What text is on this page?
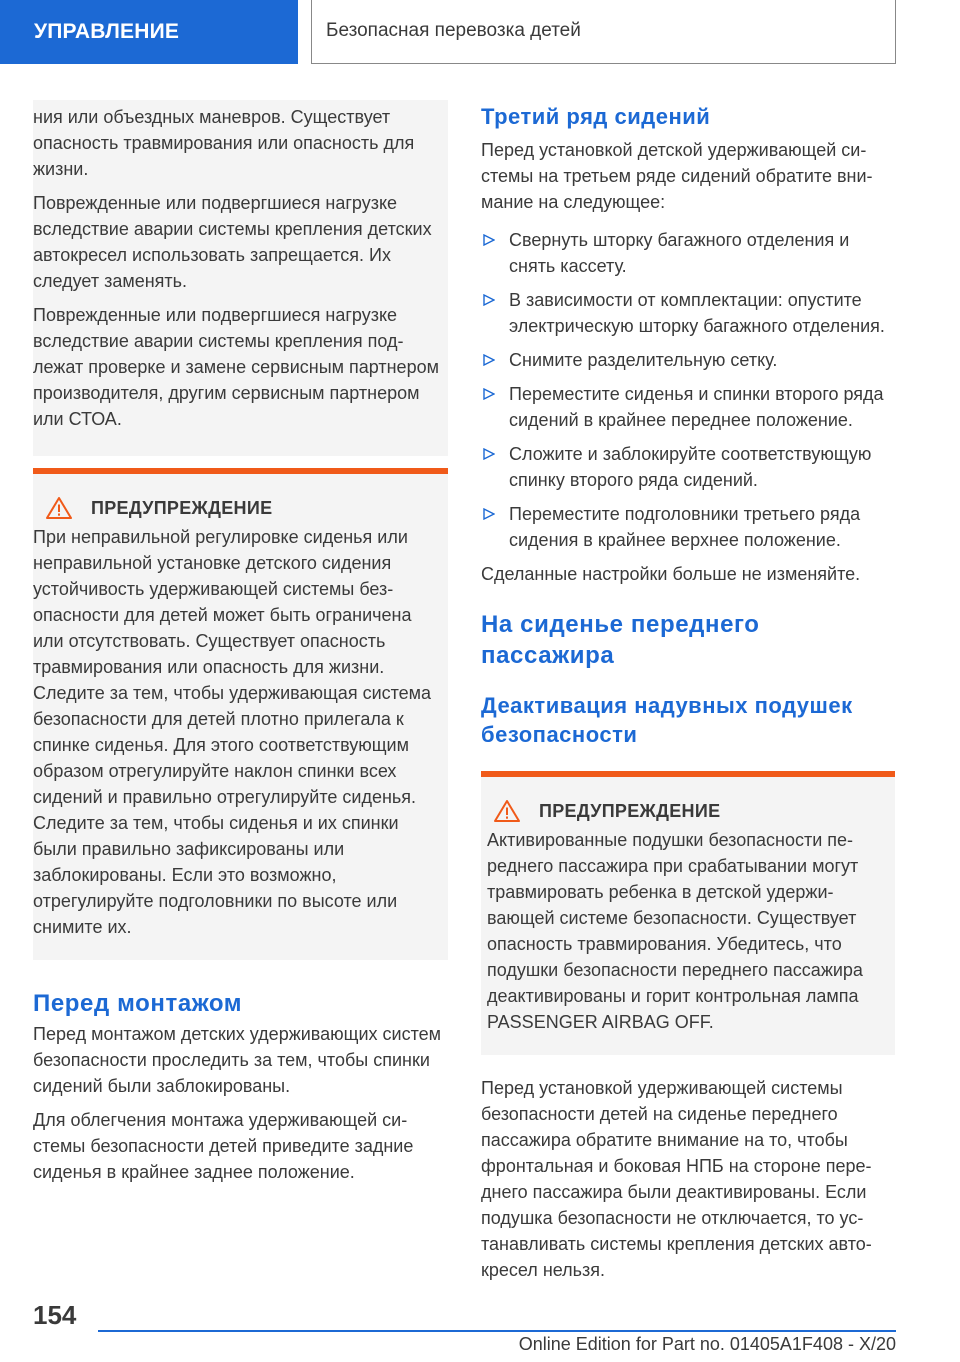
УПРАВЛЕНИЕ	Безопасная перевозка детей

ния или объездных маневров. Существует опасность травмирования или опасность для жизни.

Поврежденные или подвергшиеся нагрузке вследствие аварии системы крепления детских автокресел использовать запрещается. Их следует заменять.

Поврежденные или подвергшиеся нагрузке вследствие аварии системы крепления подлежат проверке и замене сервисным партнером производителя, другим сервисным партнером или СТОА.

ПРЕДУПРЕЖДЕНИЕ

При неправильной регулировке сиденья или неправильной установке детского сидения устойчивость удерживающей системы безопасности для детей может быть ограничена или отсутствовать. Существует опасность травмирования или опасность для жизни. Следите за тем, чтобы удерживающая система безопасности для детей плотно прилегала к спинке сиденья. Для этого соответствующим образом отрегулируйте наклон спинки всех сидений и правильно отрегулируйте сиденья. Следите за тем, чтобы сиденья и их спинки были правильно зафиксированы или заблокированы. Если это возможно, отрегулируйте подголовники по высоте или снимите их.

Перед монтажом

Перед монтажом детских удерживающих систем безопасности проследить за тем, чтобы спинки сидений были заблокированы.

Для облегчения монтажа удерживающей системы безопасности детей приведите задние сиденья в крайнее заднее положение.

Третий ряд сидений

Перед установкой детской удерживающей системы на третьем ряде сидений обратите внимание на следующее:

Свернуть шторку багажного отделения и снять кассету.
В зависимости от комплектации: опустите электрическую шторку багажного отделения.
Снимите разделительную сетку.
Переместите сиденья и спинки второго ряда сидений в крайнее переднее положение.
Сложите и заблокируйте соответствующую спинку второго ряда сидений.
Переместите подголовники третьего ряда сидения в крайнее верхнее положение.

Сделанные настройки больше не изменяйте.

На сиденье переднего пассажира
Деактивация надувных подушек безопасности
ПРЕДУПРЕЖДЕНИЕ

Активированные подушки безопасности переднего пассажира при срабатывании могут травмировать ребенка в детской удерживающей системе безопасности. Существует опасность травмирования. Убедитесь, что подушки безопасности переднего пассажира деактивированы и горит контрольная лампа PASSENGER AIRBAG OFF.

Перед установкой удерживающей системы безопасности детей на сиденье переднего пассажира обратите внимание на то, чтобы фронтальная и боковая НПБ на стороне переднего пассажира были деактивированы. Если подушка безопасности не отключается, то устанавливать системы крепления детских автокресел нельзя.

154
Online Edition for Part no. 01405A1F408 - X/20
